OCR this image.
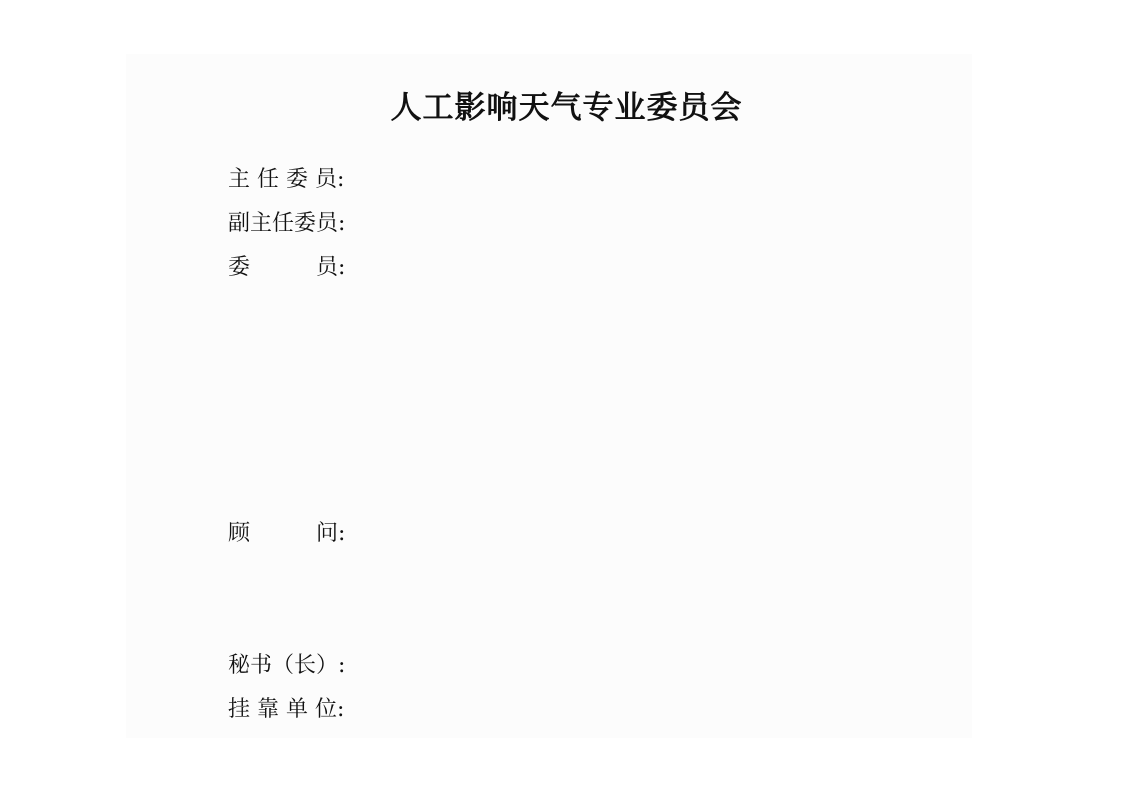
人工影响天气专业委员会
主 任 委 员:
副主任委员:
委　　　员:
顾　　　问:
秘书（长）:
挂 靠 单 位:
